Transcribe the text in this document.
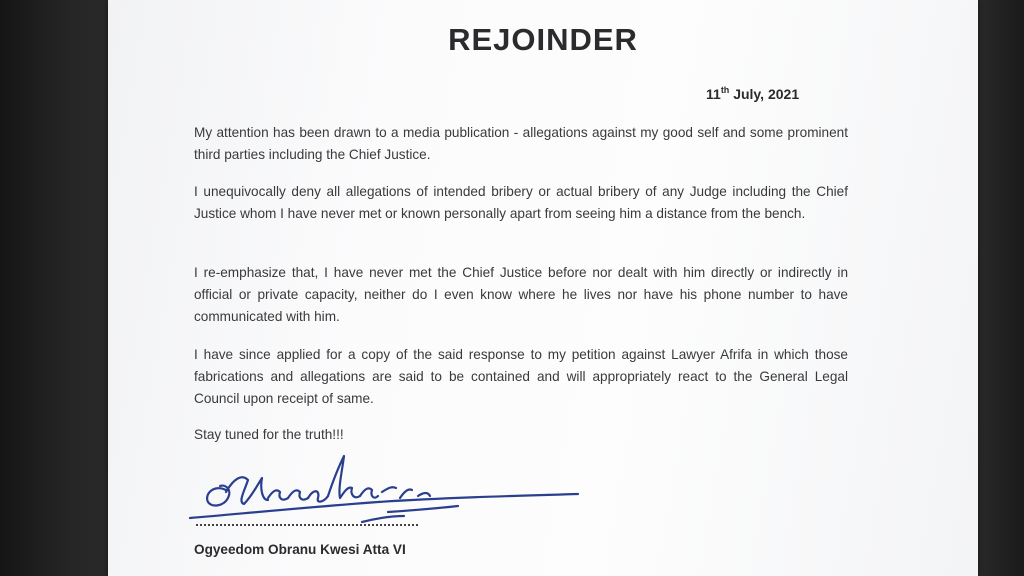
REJOINDER
11th July, 2021

My attention has been drawn to a media publication - allegations against my good self and some prominent third parties including the Chief Justice.

I unequivocally deny all allegations of intended bribery or actual bribery of any Judge including the Chief Justice whom I have never met or known personally apart from seeing him a distance from the bench.

I re-emphasize that, I have never met the Chief Justice before nor dealt with him directly or indirectly in official or private capacity, neither do I even know where he lives nor have his phone number to have communicated with him.

I have since applied for a copy of the said response to my petition against Lawyer Afrifa in which those fabrications and allegations are said to be contained and will appropriately react to the General Legal Council upon receipt of same.

Stay tuned for the truth!!!

Ogyeedom Obranu Kwesi Atta VI
